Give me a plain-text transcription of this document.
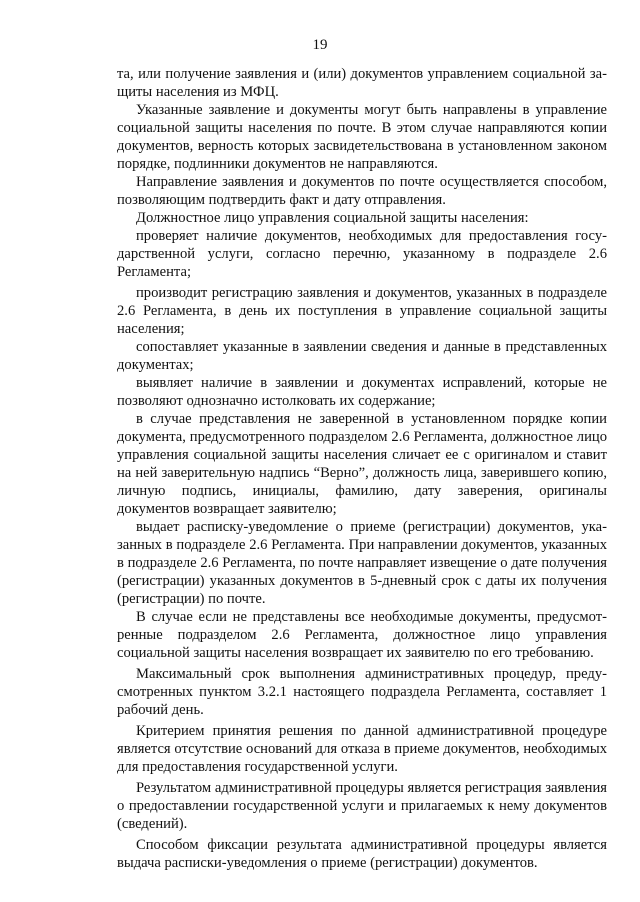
19

та, или получение заявления и (или) документов управлением социальной защиты населения из МФЦ.

Указанные заявление и документы могут быть направлены в управление социальной защиты населения по почте. В этом случае направляются копии документов, верность которых засвидетельствована в установленном законом порядке, подлинники документов не направляются.

Направление заявления и документов по почте осуществляется способом, позволяющим подтвердить факт и дату отправления.

Должностное лицо управления социальной защиты населения:

проверяет наличие документов, необходимых для предоставления государственной услуги, согласно перечню, указанному в подразделе 2.6 Регламента;

производит регистрацию заявления и документов, указанных в подразделе 2.6 Регламента, в день их поступления в управление социальной защиты населения;

сопоставляет указанные в заявлении сведения и данные в представленных документах;

выявляет наличие в заявлении и документах исправлений, которые не позволяют однозначно истолковать их содержание;

в случае представления не заверенной в установленном порядке копии документа, предусмотренного подразделом 2.6 Регламента, должностное лицо управления социальной защиты населения сличает ее с оригиналом и ставит на ней заверительную надпись “Верно”, должность лица, заверившего копию, личную подпись, инициалы, фамилию, дату заверения, оригиналы документов возвращает заявителю;

выдает расписку-уведомление о приеме (регистрации) документов, указанных в подразделе 2.6 Регламента. При направлении документов, указанных в подразделе 2.6 Регламента, по почте направляет извещение о дате получения (регистрации) указанных документов в 5-дневный срок с даты их получения (регистрации) по почте.

В случае если не представлены все необходимые документы, предусмотренные подразделом 2.6 Регламента, должностное лицо управления социальной защиты населения возвращает их заявителю по его требованию.

Максимальный срок выполнения административных процедур, предусмотренных пунктом 3.2.1 настоящего подраздела Регламента, составляет 1 рабочий день.

Критерием принятия решения по данной административной процедуре является отсутствие оснований для отказа в приеме документов, необходимых для предоставления государственной услуги.

Результатом административной процедуры является регистрация заявления о предоставлении государственной услуги и прилагаемых к нему документов (сведений).

Способом фиксации результата административной процедуры является выдача расписки-уведомления о приеме (регистрации) документов.
